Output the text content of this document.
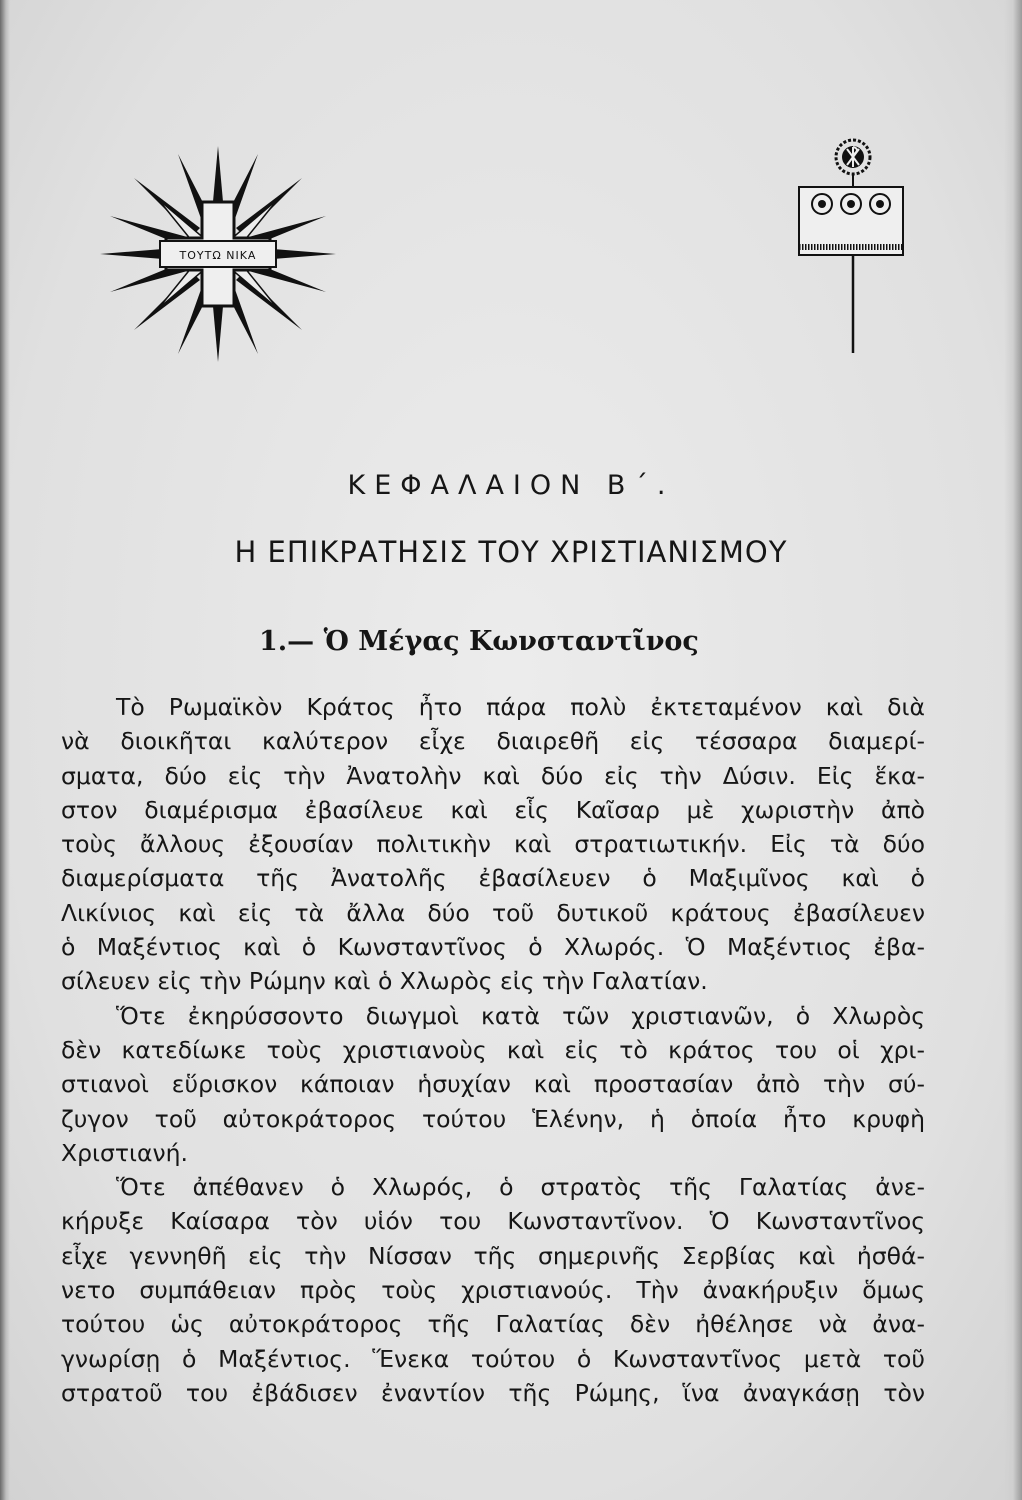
ΤΟΥΤΩ ΝΙΚΑ
ΚΕΦΑΛΑΙΟΝ Β΄.
Η ΕΠΙΚΡΑΤΗΣΙΣ ΤΟΥ ΧΡΙΣΤΙΑΝΙΣΜΟΥ
1.— Ὁ Μέγας Κωνσταντῖνος
Τὸ Ρωμαϊκὸν Κράτος ἦτο πάρα πολὺ ἐκτεταμένον καὶ διὰ
νὰ διοικῆται καλύτερον εἶχε διαιρεθῆ εἰς τέσσαρα διαμερί-
σματα, δύο εἰς τὴν Ἀνατολὴν καὶ δύο εἰς τὴν Δύσιν. Εἰς ἕκα-
στον διαμέρισμα ἐβασίλευε καὶ εἷς Καῖσαρ μὲ χωριστὴν ἀπὸ
τοὺς ἄλλους ἐξουσίαν πολιτικὴν καὶ στρατιωτικήν. Εἰς τὰ δύο
διαμερίσματα τῆς Ἀνατολῆς ἐβασίλευεν ὁ Μαξιμῖνος καὶ ὁ
Λικίνιος καὶ εἰς τὰ ἄλλα δύο τοῦ δυτικοῦ κράτους ἐβασίλευεν
ὁ Μαξέντιος καὶ ὁ Κωνσταντῖνος ὁ Χλωρός. Ὁ Μαξέντιος ἐβα-
σίλευεν εἰς τὴν Ρώμην καὶ ὁ Χλωρὸς εἰς τὴν Γαλατίαν.
Ὅτε ἐκηρύσσοντο διωγμοὶ κατὰ τῶν χριστιανῶν, ὁ Χλωρὸς
δὲν κατεδίωκε τοὺς χριστιανοὺς καὶ εἰς τὸ κράτος του οἱ χρι-
στιανοὶ εὕρισκον κάποιαν ἡσυχίαν καὶ προστασίαν ἀπὸ τὴν σύ-
ζυγον τοῦ αὐτοκράτορος τούτου Ἑλένην, ἡ ὁποία ἦτο κρυφὴ
Χριστιανή.
Ὅτε ἀπέθανεν ὁ Χλωρός, ὁ στρατὸς τῆς Γαλατίας ἀνε-
κήρυξε Καίσαρα τὸν υἱόν του Κωνσταντῖνον. Ὁ Κωνσταντῖνος
εἶχε γεννηθῆ εἰς τὴν Νίσσαν τῆς σημερινῆς Σερβίας καὶ ἠσθά-
νετο συμπάθειαν πρὸς τοὺς χριστιανούς. Τὴν ἀνακήρυξιν ὅμως
τούτου ὡς αὐτοκράτορος τῆς Γαλατίας δὲν ἠθέλησε νὰ ἀνα-
γνωρίσῃ ὁ Μαξέντιος. Ἕνεκα τούτου ὁ Κωνσταντῖνος μετὰ τοῦ
στρατοῦ του ἐβάδισεν ἐναντίον τῆς Ρώμης, ἵνα ἀναγκάσῃ τὸν
